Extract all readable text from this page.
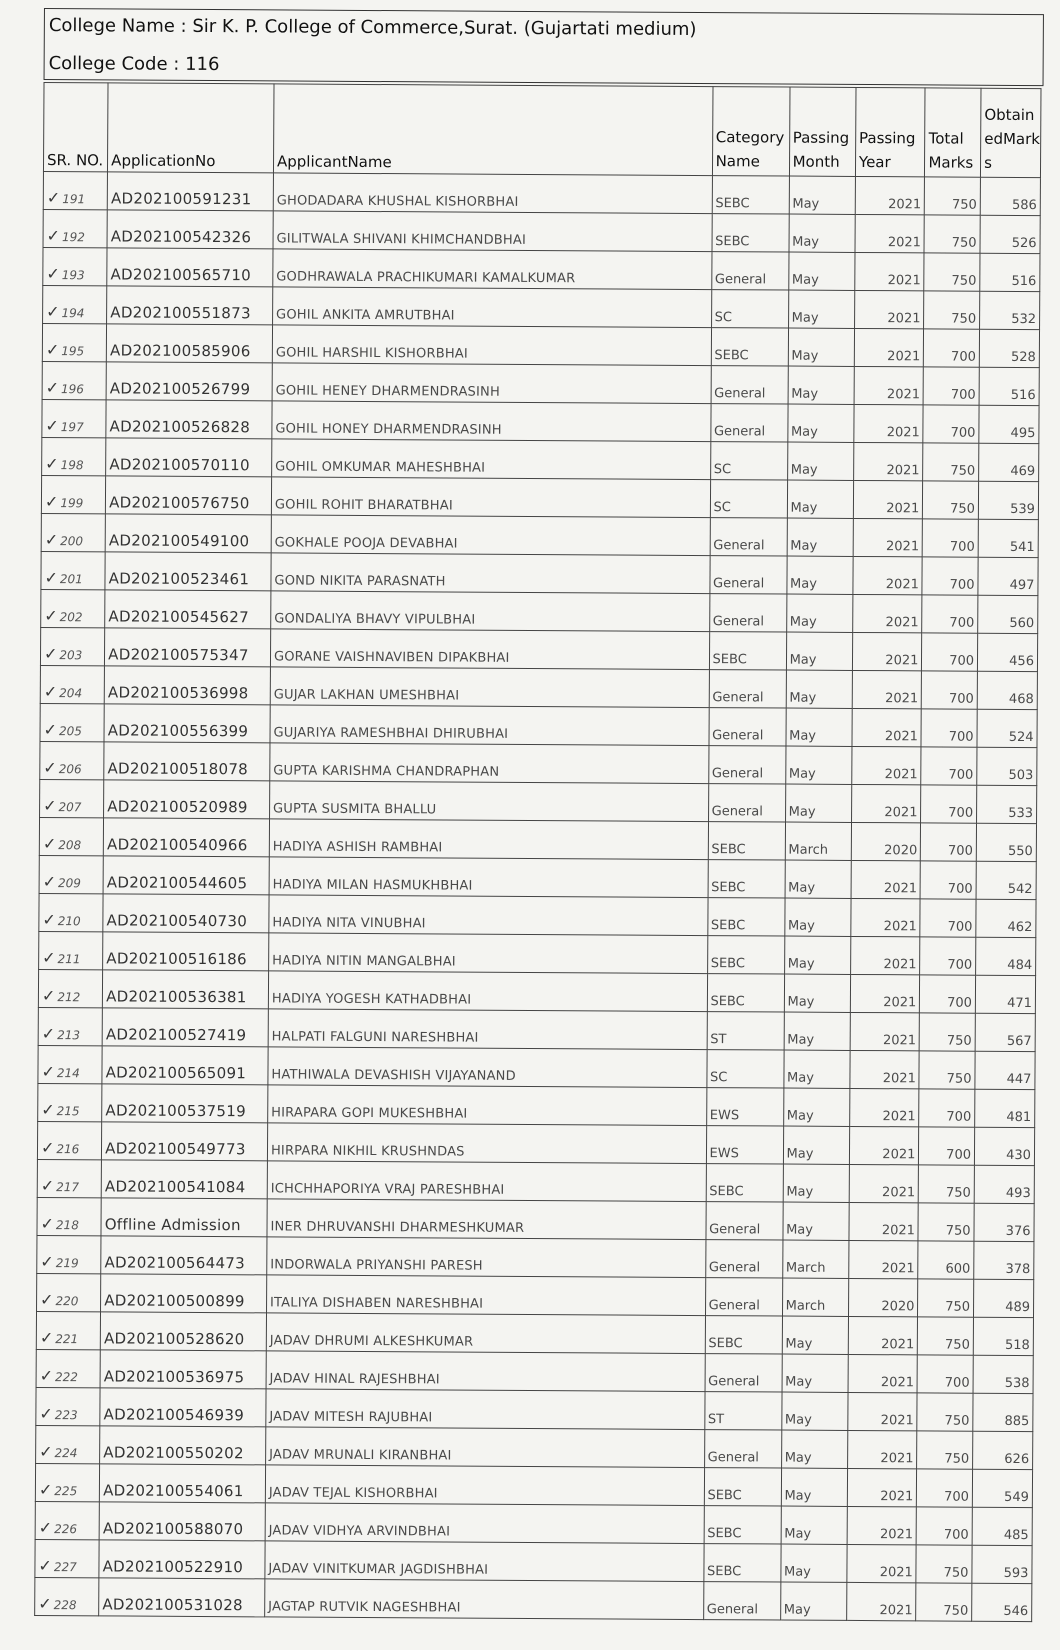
College Name : Sir K. P. College of Commerce,Surat. (Gujartati medium)
College Code : 116
SR. NO.	ApplicationNo	ApplicantName	Category Name	Passing Month	Passing Year	Total Marks	Obtain edMark s
✓ 191	AD202100591231	GHODADARA KHUSHAL KISHORBHAI	SEBC	May	2021	750	586
✓ 192	AD202100542326	GILITWALA SHIVANI KHIMCHANDBHAI	SEBC	May	2021	750	526
✓ 193	AD202100565710	GODHRAWALA PRACHIKUMARI KAMALKUMAR	General	May	2021	750	516
✓ 194	AD202100551873	GOHIL ANKITA AMRUTBHAI	SC	May	2021	750	532
✓ 195	AD202100585906	GOHIL HARSHIL KISHORBHAI	SEBC	May	2021	700	528
✓ 196	AD202100526799	GOHIL HENEY DHARMENDRASINH	General	May	2021	700	516
✓ 197	AD202100526828	GOHIL HONEY DHARMENDRASINH	General	May	2021	700	495
✓ 198	AD202100570110	GOHIL OMKUMAR MAHESHBHAI	SC	May	2021	750	469
✓ 199	AD202100576750	GOHIL ROHIT BHARATBHAI	SC	May	2021	750	539
✓ 200	AD202100549100	GOKHALE POOJA DEVABHAI	General	May	2021	700	541
✓ 201	AD202100523461	GOND NIKITA PARASNATH	General	May	2021	700	497
✓ 202	AD202100545627	GONDALIYA BHAVY VIPULBHAI	General	May	2021	700	560
✓ 203	AD202100575347	GORANE VAISHNAVIBEN DIPAKBHAI	SEBC	May	2021	700	456
✓ 204	AD202100536998	GUJAR LAKHAN UMESHBHAI	General	May	2021	700	468
✓ 205	AD202100556399	GUJARIYA RAMESHBHAI DHIRUBHAI	General	May	2021	700	524
✓ 206	AD202100518078	GUPTA KARISHMA CHANDRAPHAN	General	May	2021	700	503
✓ 207	AD202100520989	GUPTA SUSMITA BHALLU	General	May	2021	700	533
✓ 208	AD202100540966	HADIYA ASHISH RAMBHAI	SEBC	March	2020	700	550
✓ 209	AD202100544605	HADIYA MILAN HASMUKHBHAI	SEBC	May	2021	700	542
✓ 210	AD202100540730	HADIYA NITA VINUBHAI	SEBC	May	2021	700	462
✓ 211	AD202100516186	HADIYA NITIN MANGALBHAI	SEBC	May	2021	700	484
✓ 212	AD202100536381	HADIYA YOGESH KATHADBHAI	SEBC	May	2021	700	471
✓ 213	AD202100527419	HALPATI FALGUNI NARESHBHAI	ST	May	2021	750	567
✓ 214	AD202100565091	HATHIWALA DEVASHISH VIJAYANAND	SC	May	2021	750	447
✓ 215	AD202100537519	HIRAPARA GOPI MUKESHBHAI	EWS	May	2021	700	481
✓ 216	AD202100549773	HIRPARA NIKHIL KRUSHNDAS	EWS	May	2021	700	430
✓ 217	AD202100541084	ICHCHHAPORIYA VRAJ PARESHBHAI	SEBC	May	2021	750	493
✓ 218	Offline Admission	INER DHRUVANSHI DHARMESHKUMAR	General	May	2021	750	376
✓ 219	AD202100564473	INDORWALA PRIYANSHI PARESH	General	March	2021	600	378
✓ 220	AD202100500899	ITALIYA DISHABEN NARESHBHAI	General	March	2020	750	489
✓ 221	AD202100528620	JADAV DHRUMI ALKESHKUMAR	SEBC	May	2021	750	518
✓ 222	AD202100536975	JADAV HINAL RAJESHBHAI	General	May	2021	700	538
✓ 223	AD202100546939	JADAV MITESH RAJUBHAI	ST	May	2021	750	885
✓ 224	AD202100550202	JADAV MRUNALI KIRANBHAI	General	May	2021	750	626
✓ 225	AD202100554061	JADAV TEJAL KISHORBHAI	SEBC	May	2021	700	549
✓ 226	AD202100588070	JADAV VIDHYA ARVINDBHAI	SEBC	May	2021	700	485
✓ 227	AD202100522910	JADAV VINITKUMAR JAGDISHBHAI	SEBC	May	2021	750	593
✓ 228	AD202100531028	JAGTAP RUTVIK NAGESHBHAI	General	May	2021	750	546
